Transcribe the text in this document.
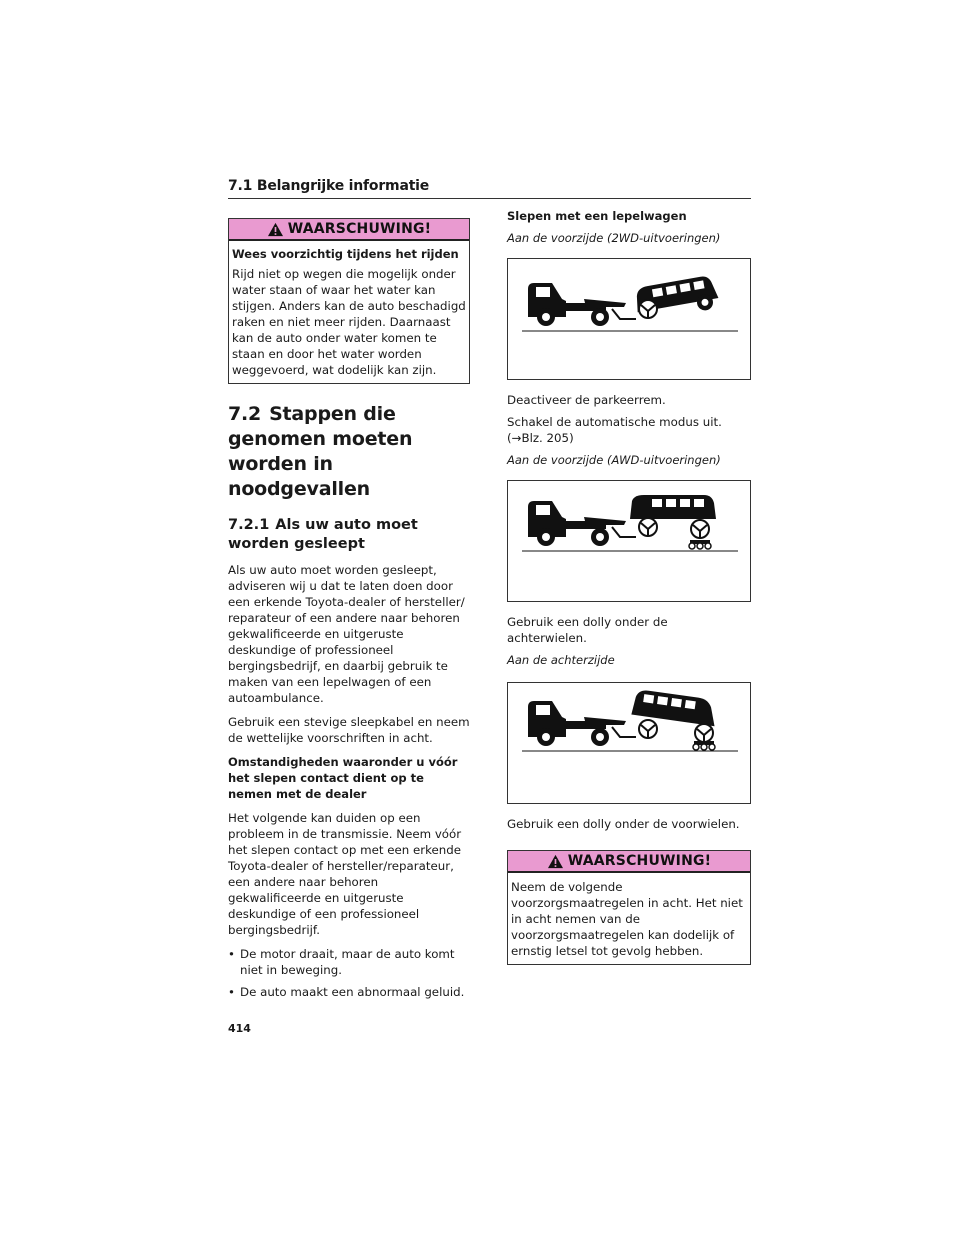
7.1 Belangrijke informatie
WAARSCHUWING!
Wees voorzichtig tijdens het rijden
Rijd niet op wegen die mogelijk onder water staan of waar het water kan stijgen. Anders kan de auto beschadigd raken en niet meer rijden. Daarnaast kan de auto onder water komen te staan en door het water worden weggevoerd, wat dodelijk kan zijn.
7.2 Stappen die genomen moeten worden in noodgevallen
7.2.1 Als uw auto moet worden gesleept
Als uw auto moet worden gesleept, adviseren wij u dat te laten doen door een erkende Toyota-dealer of hersteller/ reparateur of een andere naar behoren gekwalificeerde en uitgeruste deskundige of professioneel bergingsbedrijf, en daarbij gebruik te maken van een lepelwagen of een autoambulance.
Gebruik een stevige sleepkabel en neem de wettelijke voorschriften in acht.
Omstandigheden waaronder u vóór het slepen contact dient op te nemen met de dealer
Het volgende kan duiden op een probleem in de transmissie. Neem vóór het slepen contact op met een erkende Toyota-dealer of hersteller/reparateur, een andere naar behoren gekwalificeerde en uitgeruste deskundige of een professioneel bergingsbedrijf.
• De motor draait, maar de auto komt niet in beweging.
• De auto maakt een abnormaal geluid.
Slepen met een lepelwagen
Aan de voorzijde (2WD-uitvoeringen)
Deactiveer de parkeerrem.
Schakel de automatische modus uit. (→Blz. 205)
Aan de voorzijde (AWD-uitvoeringen)
Gebruik een dolly onder de achterwielen.
Aan de achterzijde
Gebruik een dolly onder de voorwielen.
WAARSCHUWING!
Neem de volgende voorzorgsmaatregelen in acht. Het niet in acht nemen van de voorzorgsmaatregelen kan dodelijk of ernstig letsel tot gevolg hebben.
414
